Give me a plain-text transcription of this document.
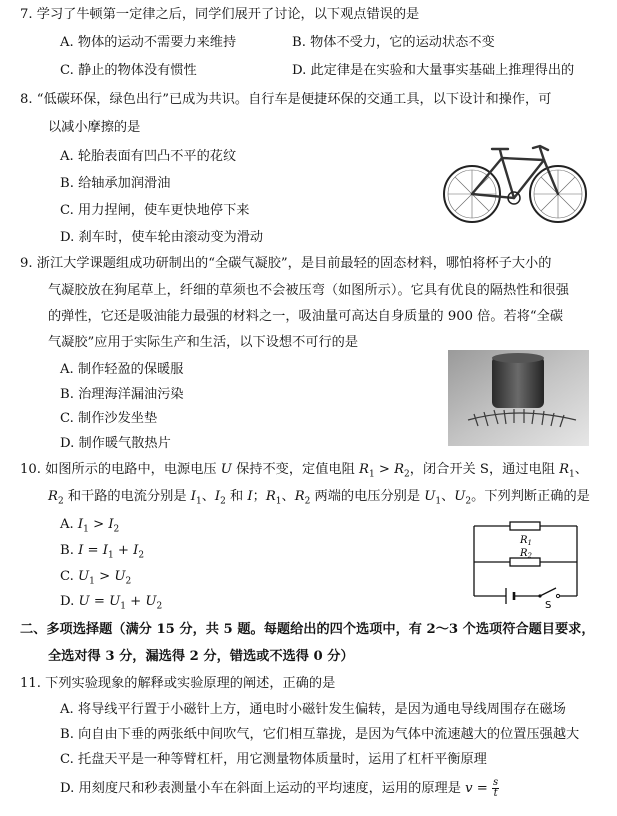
7. 学习了牛顿第一定律之后，同学们展开了讨论，以下观点错误的是
A. 物体的运动不需要力来维持	B. 物体不受力，它的运动状态不变
C. 静止的物体没有惯性	D. 此定律是在实验和大量事实基础上推理得出的
8. “低碳环保，绿色出行”已成为共识。自行车是便捷环保的交通工具，以下设计和操作，可
以减小摩擦的是
A. 轮胎表面有凹凸不平的花纹
B. 给轴承加润滑油
C. 用力捏闸，使车更快地停下来
D. 刹车时，使车轮由滚动变为滑动
9. 浙江大学课题组成功研制出的“全碳气凝胶”，是目前最轻的固态材料，哪怕将杯子大小的
气凝胶放在狗尾草上，纤细的草须也不会被压弯（如图所示）。它具有优良的隔热性和很强
的弹性，它还是吸油能力最强的材料之一，吸油量可高达自身质量的 900 倍。若将“全碳
气凝胶”应用于实际生产和生活，以下设想不可行的是
A. 制作轻盈的保暖服
B. 治理海洋漏油污染
C. 制作沙发坐垫
D. 制作暖气散热片
10. 如图所示的电路中，电源电压 U 保持不变，定值电阻 $R_1 > R_2$，闭合开关 S，通过电阻 $R_1$、
$R_2$ 和干路的电流分别是 $I_1$、$I_2$ 和 I；$R_1$、$R_2$ 两端的电压分别是 $U_1$、$U_2$。下列判断正确的是
A. $I_1 > I_2$
B. $I = I_1 + I_2$
C. $U_1 > U_2$
D. $U = U_1 + U_2$
$R_1$
$R_2$
S
二、多项选择题（满分 15 分，共 5 题。每题给出的四个选项中，有 2～3 个选项符合题目要求，
全选对得 3 分，漏选得 2 分，错选或不选得 0 分）
11. 下列实验现象的解释或实验原理的阐述，正确的是
A. 将导线平行置于小磁针上方，通电时小磁针发生偏转，是因为通电导线周围存在磁场
B. 向自由下垂的两张纸中间吹气，它们相互靠拢，是因为气体中流速越大的位置压强越大
C. 托盘天平是一种等臂杠杆，用它测量物体质量时，运用了杠杆平衡原理
D. 用刻度尺和秒表测量小车在斜面上运动的平均速度，运用的原理是 $v = \frac{s}{t}$
